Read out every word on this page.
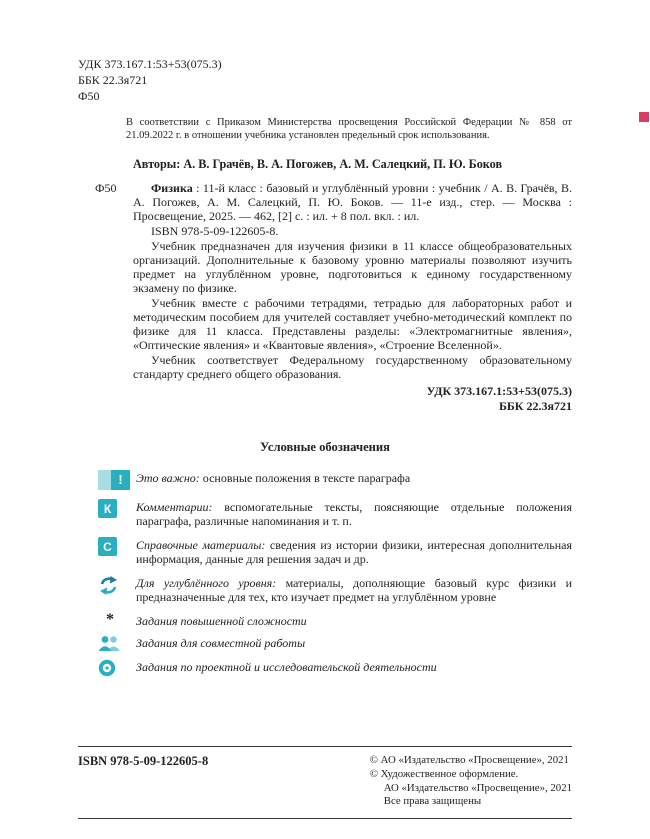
УДК 373.167.1:53+53(075.3)
ББК 22.3я721
Ф50

В соответствии с Приказом Министерства просвещения Российской Федерации № 858 от 21.09.2022 г. в отношении учебника установлен предельный срок использования.

Авторы: А. В. Грачёв, В. А. Погожев, А. М. Салецкий, П. Ю. Боков

Ф50	Физика : 11-й класс : базовый и углублённый уровни : учебник / А. В. Грачёв, В. А. Погожев, А. М. Салецкий, П. Ю. Боков. — 11-е изд., стер. — Москва : Просвещение, 2025. — 462, [2] с. : ил. + 8 пол. вкл. : ил.

ISBN 978-5-09-122605-8.

Учебник предназначен для изучения физики в 11 классе общеобразовательных организаций. Дополнительные к базовому уровню материалы позволяют изучить предмет на углублённом уровне, подготовиться к единому государственному экзамену по физике.

Учебник вместе с рабочими тетрадями, тетрадью для лабораторных работ и методическим пособием для учителей составляет учебно-методический комплект по физике для 11 класса. Представлены разделы: «Электромагнитные явления», «Оптические явления» и «Квантовые явления», «Строение Вселенной».

Учебник соответствует Федеральному государственному образовательному стандарту среднего общего образования.

УДК 373.167.1:53+53(075.3)
ББК 22.3я721
Условные обозначения
!	Это важно: основные положения в тексте параграфа
К	Комментарии: вспомогательные тексты, поясняющие отдельные положения параграфа, различные напоминания и т. п.
С	Справочные материалы: сведения из истории физики, интересная дополнительная информация, данные для решения задач и др.
Для углублённого уровня: материалы, дополняющие базовый курс физики и предназначенные для тех, кто изучает предмет на углублённом уровне
*	Задания повышенной сложности
Задания для совместной работы
Задания по проектной и исследовательской деятельности
ISBN 978-5-09-122605-8	© АО «Издательство «Просвещение», 2021
© Художественное оформление.
АО «Издательство «Просвещение», 2021
Все права защищены
